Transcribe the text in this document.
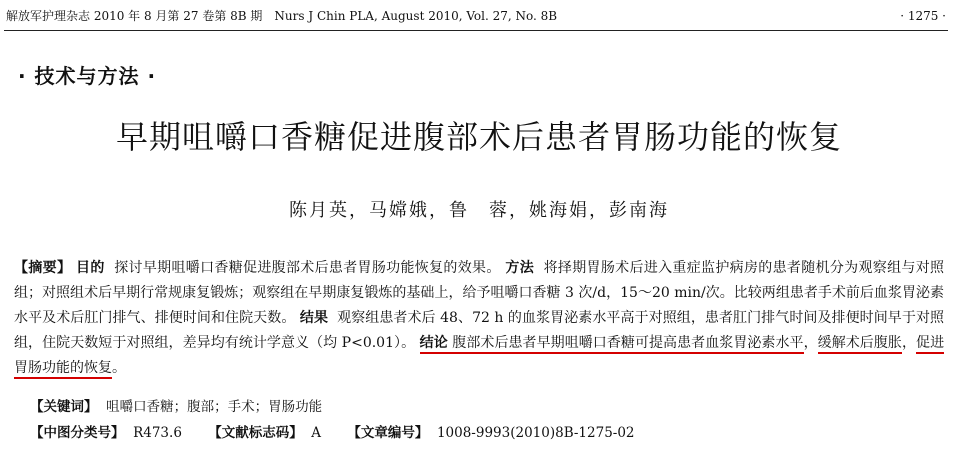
解放军护理杂志 2010 年 8 月第 27 卷第 8B 期　Nurs J Chin PLA, August 2010, Vol. 27, No. 8B	· 1275 ·
· 技术与方法 ·
早期咀嚼口香糖促进腹部术后患者胃肠功能的恢复
陈月英，马嫦娥，鲁　蓉，姚海娟，彭南海
【摘要】 目的 探讨早期咀嚼口香糖促进腹部术后患者胃肠功能恢复的效果。 方法 将择期胃肠术后进入重症监护病房的患者随机分为观察组与对照组；对照组术后早期行常规康复锻炼；观察组在早期康复锻炼的基础上，给予咀嚼口香糖 3 次/d，15～20 min/次。比较两组患者手术前后血浆胃泌素水平及术后肛门排气、排便时间和住院天数。 结果 观察组患者术后 48、72 h 的血浆胃泌素水平高于对照组，患者肛门排气时间及排便时间早于对照组，住院天数短于对照组，差异均有统计学意义（均 P<0.01）。 结论 腹部术后患者早期咀嚼口香糖可提高患者血浆胃泌素水平，缓解术后腹胀，促进胃肠功能的恢复。
【关键词】 咀嚼口香糖；腹部；手术；胃肠功能
【中图分类号】 R473.6 【文献标志码】 A 【文章编号】 1008-9993(2010)8B-1275-02
